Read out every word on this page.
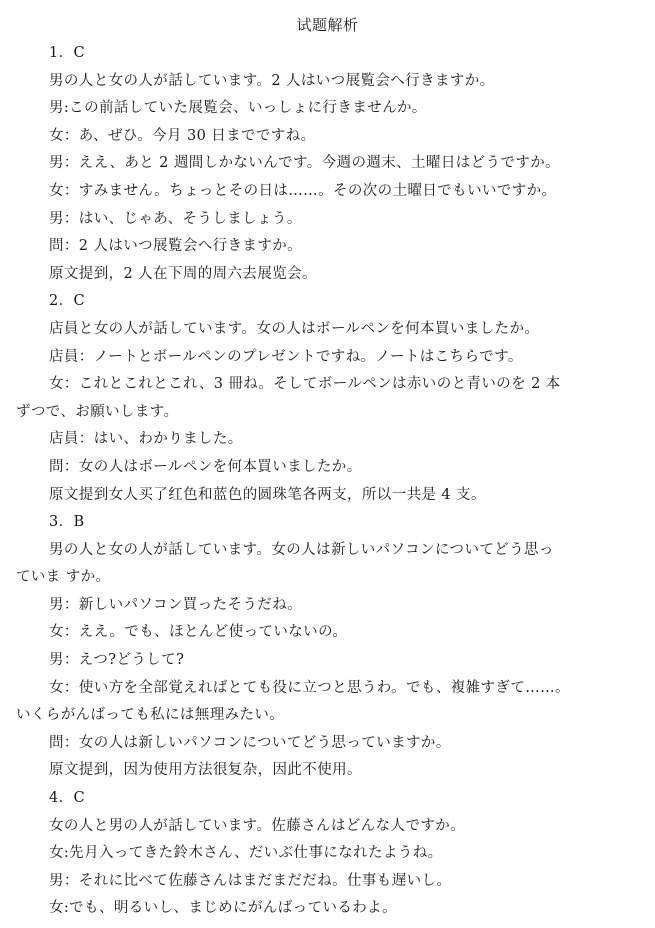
试题解析
1．C
男の人と女の人が話しています。2 人はいつ展覧会へ行きますか。
男:この前話していた展覧会、いっしょに行きませんか。
女：あ、ぜひ。今月 30 日までですね。
男：ええ、あと 2 週間しかないんです。今週の週末、土曜日はどうですか。
女：すみません。ちょっとその日は……。その次の土曜日でもいいですか。
男：はい、じゃあ、そうしましょう。
問：2 人はいつ展覧会へ行きますか。
原文提到，2 人在下周的周六去展览会。
2．C
店員と女の人が話しています。女の人はボールペンを何本買いましたか。
店員：ノートとボールペンのプレゼントですね。ノートはこちらです。
女：これとこれとこれ、3 冊ね。そしてボールペンは赤いのと青いのを 2 本
ずつで、お願いします。
店員：はい、わかりました。
問：女の人はボールペンを何本買いましたか。
原文提到女人买了红色和蓝色的圆珠笔各两支，所以一共是 4 支。
3．B
男の人と女の人が話しています。女の人は新しいパソコンについてどう思っ
ていま すか。
男：新しいパソコン買ったそうだね。
女：ええ。でも、ほとんど使っていないの。
男：えつ?どうして?
女：使い方を全部覚えればとても役に立つと思うわ。でも、複雑すぎて……。
いくらがんばっても私には無理みたい。
問：女の人は新しいパソコンについてどう思っていますか。
原文提到，因为使用方法很复杂，因此不使用。
4．C
女の人と男の人が話しています。佐藤さんはどんな人ですか。
女:先月入ってきた鈴木さん、だいぶ仕事になれたようね。
男：それに比べて佐藤さんはまだまだだね。仕事も遅いし。
女:でも、明るいし、まじめにがんばっているわよ。
